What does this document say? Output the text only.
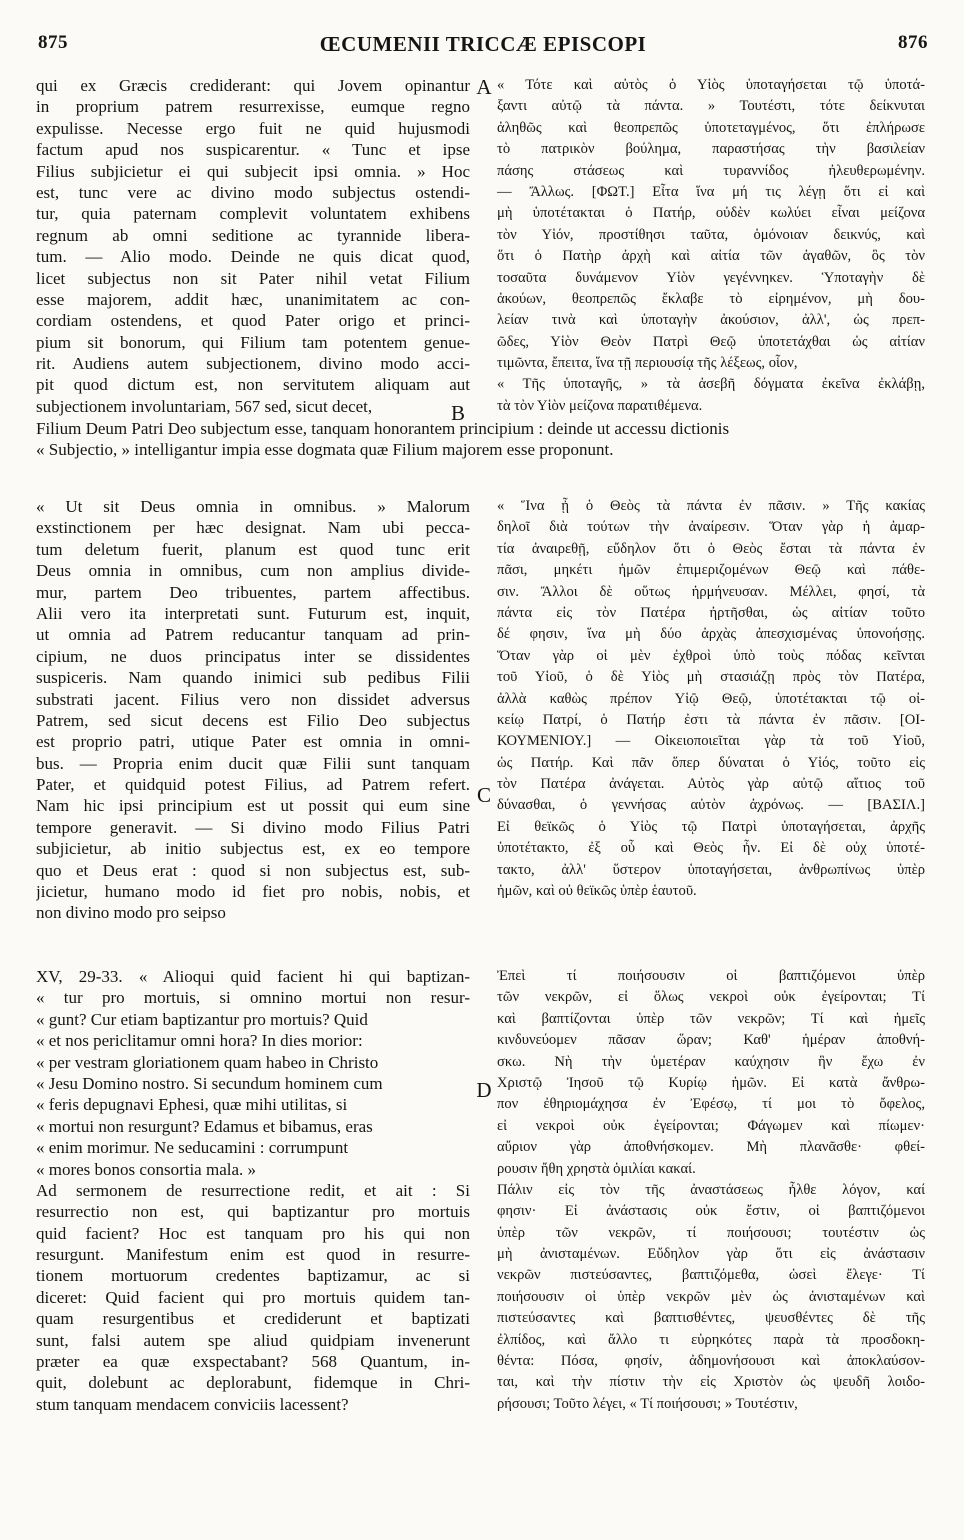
875	ŒCUMENII TRICCÆ EPISCOPI	876
A
B
C
D
qui ex Græcis crediderant: qui Jovem opinantur
in proprium patrem resurrexisse, eumque regno
expulisse. Necesse ergo fuit ne quid hujusmodi
factum apud nos suspicarentur. « Tunc et ipse
Filius subjicietur ei qui subjecit ipsi omnia. » Hoc
est, tunc vere ac divino modo subjectus ostendi-
tur, quia paternam complevit voluntatem exhibens
regnum ab omni seditione ac tyrannide libera-
tum. — Alio modo. Deinde ne quis dicat quod,
licet subjectus non sit Pater nihil vetat Filium
esse majorem, addit hæc, unanimitatem ac con-
cordiam ostendens, et quod Pater origo et princi-
pium sit bonorum, qui Filium tam potentem genue-
rit. Audiens autem subjectionem, divino modo acci-
pit quod dictum est, non servitutem aliquam aut
subjectionem involuntariam, 567 sed, sicut decet,
« Τότε καὶ αὐτὸς ὁ Υἱὸς ὑποταγήσεται τῷ ὑποτά-
ξαντι αὐτῷ τὰ πάντα. » Τουτέστι, τότε δείκνυται
ἀληθῶς καὶ θεοπρεπῶς ὑποτεταγμένος, ὅτι ἐπλήρωσε
τὸ πατρικὸν βούλημα, παραστήσας τὴν βασιλείαν
πάσης στάσεως καὶ τυραννίδος ἠλευθερωμένην.
— Ἄλλως. [ΦΩΤ.] Εἶτα ἵνα μή τις λέγῃ ὅτι εἰ καὶ
μὴ ὑποτέτακται ὁ Πατήρ, οὐδὲν κωλύει εἶναι μείζονα
τὸν Υἱόν, προστίθησι ταῦτα, ὁμόνοιαν δεικνύς, καὶ
ὅτι ὁ Πατὴρ ἀρχὴ καὶ αἰτία τῶν ἀγαθῶν, ὃς τὸν
τοσαῦτα δυνάμενον Υἱὸν γεγέννηκεν. Ὑποταγὴν δὲ
ἀκούων, θεοπρεπῶς ἔκλαβε τὸ εἰρημένον, μὴ δου-
λείαν τινὰ καὶ ὑποταγὴν ἀκούσιον, ἀλλ', ὡς πρεπ-
ῶδες, Υἱὸν Θεὸν Πατρὶ Θεῷ ὑποτετάχθαι ὡς αἰτίαν
τιμῶντα, ἔπειτα, ἵνα τῇ περιουσίᾳ τῆς λέξεως, οἷον,
« Τῆς ὑποταγῆς, » τὰ ἀσεβῆ δόγματα ἐκεῖνα ἐκλάβῃ,
τὰ τὸν Υἱὸν μείζονα παρατιθέμενα.
Filium Deum Patri Deo subjectum esse, tanquam honorantem principium : deinde ut accessu dictionis
« Subjectio, » intelligantur impia esse dogmata quæ Filium majorem esse proponunt.
« Ut sit Deus omnia in omnibus. » Malorum
exstinctionem per hæc designat. Nam ubi pecca-
tum deletum fuerit, planum est quod tunc erit
Deus omnia in omnibus, cum non amplius divide-
mur, partem Deo tribuentes, partem affectibus.
Alii vero ita interpretati sunt. Futurum est, inquit,
ut omnia ad Patrem reducantur tanquam ad prin-
cipium, ne duos principatus inter se dissidentes
suspiceris. Nam quando inimici sub pedibus Filii
substrati jacent. Filius vero non dissidet adversus
Patrem, sed sicut decens est Filio Deo subjectus
est proprio patri, utique Pater est omnia in omni-
bus. — Propria enim ducit quæ Filii sunt tanquam
Pater, et quidquid potest Filius, ad Patrem refert.
Nam hic ipsi principium est ut possit qui eum sine
tempore generavit. — Si divino modo Filius Patri
subjicietur, ab initio subjectus est, ex eo tempore
quo et Deus erat : quod si non subjectus est, sub-
jicietur, humano modo id fiet pro nobis, nobis, et
non divino modo pro seipso
« Ἵνα ᾖ ὁ Θεὸς τὰ πάντα ἐν πᾶσιν. » Τῆς κακίας
δηλοῖ διὰ τούτων τὴν ἀναίρεσιν. Ὅταν γὰρ ἡ ἁμαρ-
τία ἀναιρεθῇ, εὔδηλον ὅτι ὁ Θεὸς ἔσται τὰ πάντα ἐν
πᾶσι, μηκέτι ἡμῶν ἐπιμεριζομένων Θεῷ καὶ πάθε-
σιν. Ἄλλοι δὲ οὕτως ἡρμήνευσαν. Μέλλει, φησί, τὰ
πάντα εἰς τὸν Πατέρα ἠρτῆσθαι, ὡς αἰτίαν τοῦτο
δέ φησιν, ἵνα μὴ δύο ἀρχὰς ἀπεσχισμένας ὑπονοήσῃς.
Ὅταν γὰρ οἱ μὲν ἐχθροὶ ὑπὸ τοὺς πόδας κεῖνται
τοῦ Υἱοῦ, ὁ δὲ Υἱὸς μὴ στασιάζῃ πρὸς τὸν Πατέρα,
ἀλλὰ καθὼς πρέπον Υἱῷ Θεῷ, ὑποτέτακται τῷ οἰ-
κείῳ Πατρί, ὁ Πατήρ ἐστι τὰ πάντα ἐν πᾶσιν. [ΟΙ-
ΚΟΥΜΕΝΙΟΥ.] — Οἰκειοποιεῖται γὰρ τὰ τοῦ Υἱοῦ,
ὡς Πατήρ. Καὶ πᾶν ὅπερ δύναται ὁ Υἱός, τοῦτο εἰς
τὸν Πατέρα ἀνάγεται. Αὐτὸς γὰρ αὐτῷ αἴτιος τοῦ
δύνασθαι, ὁ γεννήσας αὐτὸν ἀχρόνως. — [ΒΑΣΙΛ.]
Εἰ θεϊκῶς ὁ Υἱὸς τῷ Πατρὶ ὑποταγήσεται, ἀρχῆς
ὑποτέτακτο, ἐξ οὗ καὶ Θεὸς ἦν. Εἰ δὲ οὐχ ὑποτέ-
τακτο, ἀλλ' ὕστερον ὑποταγήσεται, ἀνθρωπίνως ὑπὲρ
ἡμῶν, καὶ οὐ θεϊκῶς ὑπὲρ ἑαυτοῦ.
XV, 29-33. « Alioqui quid facient hi qui baptizan-
« tur pro mortuis, si omnino mortui non resur-
« gunt? Cur etiam baptizantur pro mortuis? Quid
« et nos periclitamur omni hora? In dies morior:
« per vestram gloriationem quam habeo in Christo
« Jesu Domino nostro. Si secundum hominem cum
« feris depugnavi Ephesi, quæ mihi utilitas, si
« mortui non resurgunt? Edamus et bibamus, eras
« enim morimur. Ne seducamini : corrumpunt
« mores bonos consortia mala. »
Ad sermonem de resurrectione redit, et ait : Si
resurrectio non est, qui baptizantur pro mortuis
quid facient? Hoc est tanquam pro his qui non
resurgunt. Manifestum enim est quod in resurre-
tionem mortuorum credentes baptizamur, ac si
diceret: Quid facient qui pro mortuis quidem tan-
quam resurgentibus et crediderunt et baptizati
sunt, falsi autem spe aliud quidpiam invenerunt
præter ea quæ exspectabant? 568 Quantum, in-
quit, dolebunt ac deplorabunt, fidemque in Chri-
stum tanquam mendacem conviciis lacessent?
Ἐπεὶ τί ποιήσουσιν οἱ βαπτιζόμενοι ὑπὲρ
τῶν νεκρῶν, εἰ ὅλως νεκροὶ οὐκ ἐγείρονται; Τί
καὶ βαπτίζονται ὑπὲρ τῶν νεκρῶν; Τί καὶ ἡμεῖς
κινδυνεύομεν πᾶσαν ὥραν; Καθ' ἡμέραν ἀποθνή-
σκω. Νὴ τὴν ὑμετέραν καύχησιν ἣν ἔχω ἐν
Χριστῷ Ἰησοῦ τῷ Κυρίῳ ἡμῶν. Εἰ κατὰ ἄνθρω-
πον ἐθηριομάχησα ἐν Ἐφέσῳ, τί μοι τὸ ὄφελος,
εἰ νεκροὶ οὐκ ἐγείρονται; Φάγωμεν καὶ πίωμεν·
αὔριον γὰρ ἀποθνήσκομεν. Μὴ πλανᾶσθε· φθεί-
ρουσιν ἤθη χρηστὰ ὁμιλίαι κακαί.
Πάλιν εἰς τὸν τῆς ἀναστάσεως ἦλθε λόγον, καί
φησιν· Εἰ ἀνάστασις οὐκ ἔστιν, οἱ βαπτιζόμενοι
ὑπὲρ τῶν νεκρῶν, τί ποιήσουσι; τουτέστιν ὡς
μὴ ἀνισταμένων. Εὔδηλον γὰρ ὅτι εἰς ἀνάστασιν
νεκρῶν πιστεύσαντες, βαπτιζόμεθα, ὡσεὶ ἔλεγε· Τί
ποιήσουσιν οἱ ὑπὲρ νεκρῶν μὲν ὡς ἀνισταμένων καὶ
πιστεύσαντες καὶ βαπτισθέντες, ψευσθέντες δὲ τῆς
ἐλπίδος, καὶ ἄλλο τι εὑρηκότες παρὰ τὰ προσδοκη-
θέντα: Πόσα, φησίν, ἀδημονήσουσι καὶ ἀποκλαύσον-
ται, καὶ τὴν πίστιν τὴν εἰς Χριστὸν ὡς ψευδῆ λοιδο-
ρήσουσι; Τοῦτο λέγει, « Τί ποιήσουσι; » Τουτέστιν,
